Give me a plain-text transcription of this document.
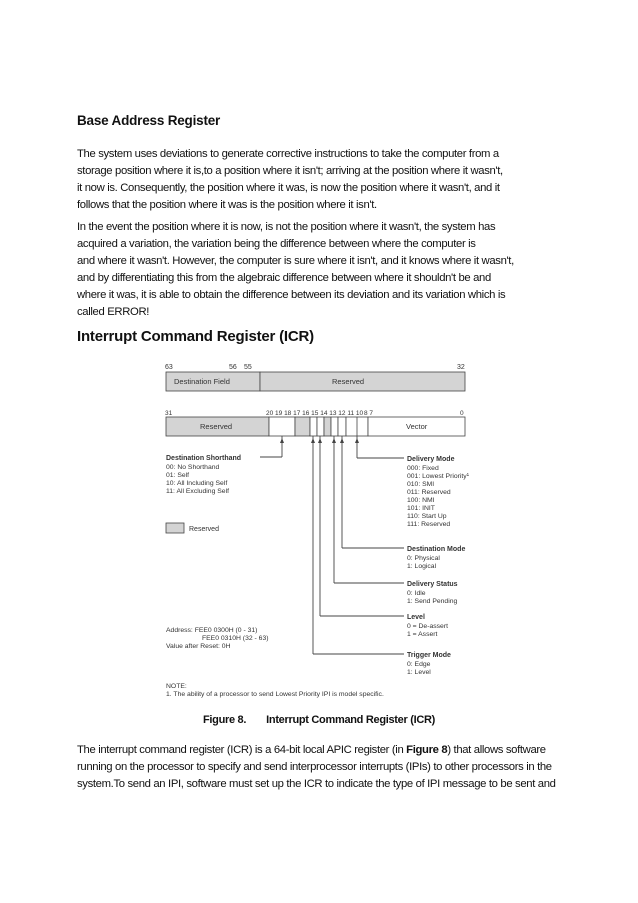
Base Address Register

The system uses deviations to generate corrective instructions to take the computer from a
storage position where it is,to a position where it isn't; arriving at the position where it wasn't,
it now is. Consequently, the position where it was, is now the position where it wasn't, and it
follows that the position where it was is the position where it isn't.

In the event the position where it is now, is not the position where it wasn't, the system has
acquired a variation, the variation being the difference between where the computer is
and where it wasn't. However, the computer is sure where it isn't, and it knows where it wasn't,
and by differentiating this from the algebraic difference between where it shouldn't be and
where it was, it is able to obtain the difference between its deviation and its variation which is
called ERROR!

Interrupt Command Register (ICR)
63	56 55	32
Destination Field	Reserved
31	20 19 18 17 16 15 14 13 12 11 10 8 7	0
Reserved	Vector
Destination Shorthand
00: No Shorthand
01: Self
10: All Including Self
11: All Excluding Self
Reserved
Delivery Mode
000: Fixed
001: Lowest Priority¹
010: SMI
011: Reserved
100: NMI
101: INIT
110: Start Up
111: Reserved
Destination Mode
0: Physical
1: Logical
Delivery Status
0: Idle
1: Send Pending
Level
0 = De-assert
1 = Assert
Trigger Mode
0: Edge
1: Level
Address: FEE0 0300H (0 - 31)
FEE0 0310H (32 - 63)
Value after Reset: 0H
NOTE:
1. The ability of a processor to send Lowest Priority IPI is model specific.
Figure 8. Interrupt Command Register (ICR)

The interrupt command register (ICR) is a 64-bit local APIC register (in Figure 8) that allows software
running on the processor to specify and send interprocessor interrupts (IPIs) to other processors in the
system.To send an IPI, software must set up the ICR to indicate the type of IPI message to be sent and
